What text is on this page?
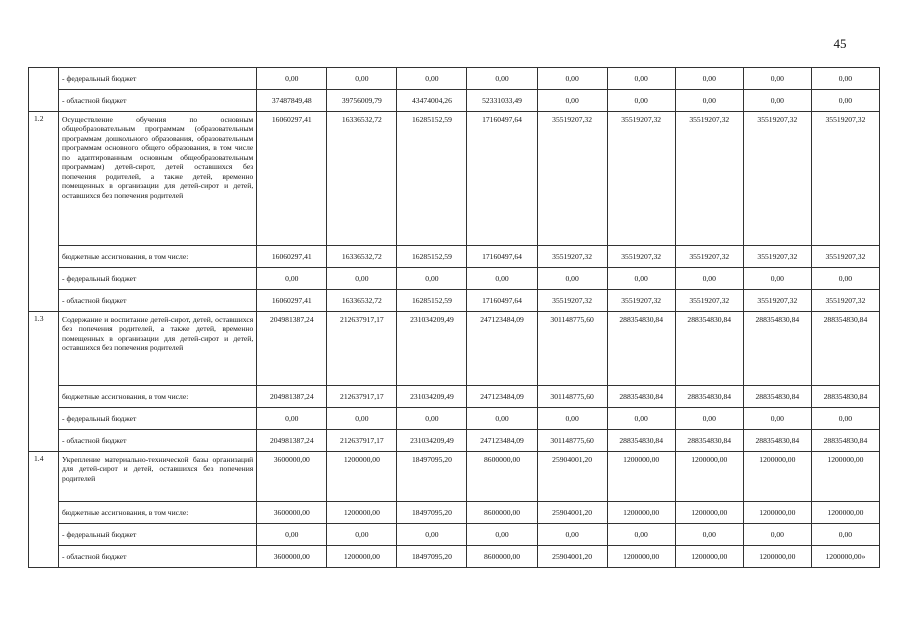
45
	- федеральный бюджет	0,00	0,00	0,00	0,00	0,00	0,00	0,00	0,00	0,00
	- областной бюджет	37487849,48	39756009,79	43474004,26	52331033,49	0,00	0,00	0,00	0,00	0,00
1.2	Осуществление обучения по основным общеобразовательным программам (образовательным программам дошкольного образования, образовательным программам основного общего образования, в том числе по адаптированным основным общеобразовательным программам) детей-сирот, детей оставшихся без попечения родителей, а также детей, временно помещенных в организации для детей-сирот и детей, оставшихся без попечения родителей	16060297,41	16336532,72	16285152,59	17160497,64	35519207,32	35519207,32	35519207,32	35519207,32	35519207,32
	бюджетные ассигнования, в том числе:	16060297,41	16336532,72	16285152,59	17160497,64	35519207,32	35519207,32	35519207,32	35519207,32	35519207,32
	- федеральный бюджет	0,00	0,00	0,00	0,00	0,00	0,00	0,00	0,00	0,00
	- областной бюджет	16060297,41	16336532,72	16285152,59	17160497,64	35519207,32	35519207,32	35519207,32	35519207,32	35519207,32
1.3	Содержание и воспитание детей-сирот, детей, оставшихся без попечения родителей, а также детей, временно помещенных в организации для детей-сирот и детей, оставшихся без попечения родителей	204981387,24	212637917,17	231034209,49	247123484,09	301148775,60	288354830,84	288354830,84	288354830,84	288354830,84
	бюджетные ассигнования, в том числе:	204981387,24	212637917,17	231034209,49	247123484,09	301148775,60	288354830,84	288354830,84	288354830,84	288354830,84
	- федеральный бюджет	0,00	0,00	0,00	0,00	0,00	0,00	0,00	0,00	0,00
	- областной бюджет	204981387,24	212637917,17	231034209,49	247123484,09	301148775,60	288354830,84	288354830,84	288354830,84	288354830,84
1.4	Укрепление материально-технической базы организаций для детей-сирот и детей, оставшихся без попечения родителей	3600000,00	1200000,00	18497095,20	8600000,00	25904001,20	1200000,00	1200000,00	1200000,00	1200000,00
	бюджетные ассигнования, в том числе:	3600000,00	1200000,00	18497095,20	8600000,00	25904001,20	1200000,00	1200000,00	1200000,00	1200000,00
	- федеральный бюджет	0,00	0,00	0,00	0,00	0,00	0,00	0,00	0,00	0,00
	- областной бюджет	3600000,00	1200000,00	18497095,20	8600000,00	25904001,20	1200000,00	1200000,00	1200000,00	1200000,00»
